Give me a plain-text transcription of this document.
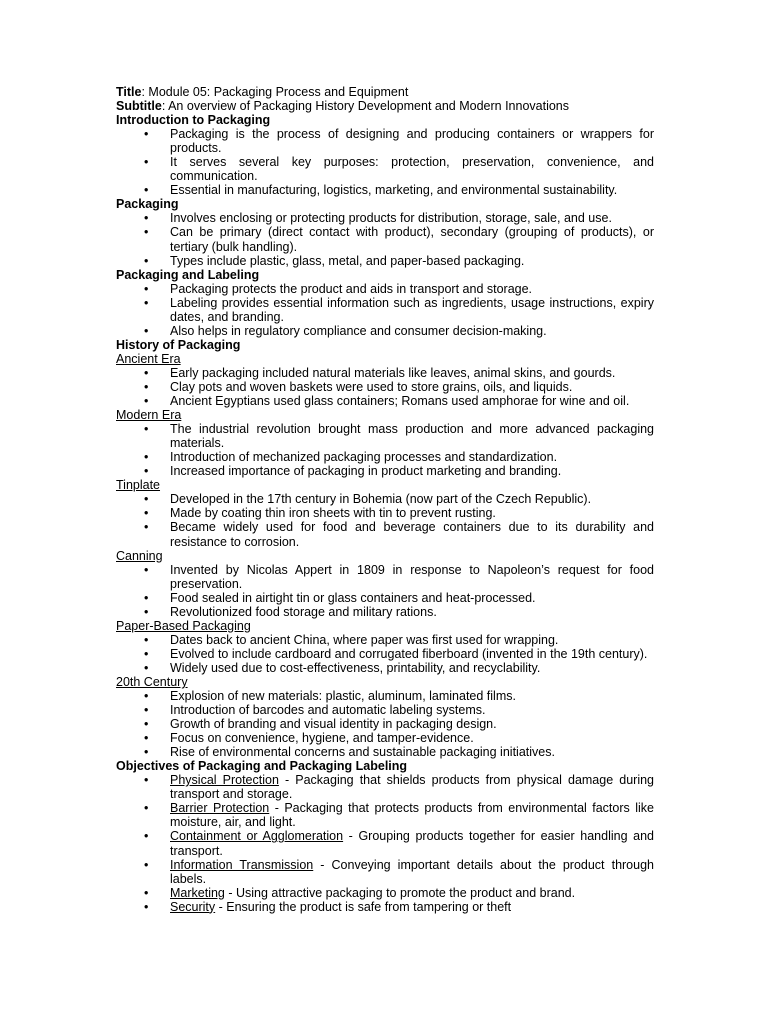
Title: Module 05: Packaging Process and Equipment

Subtitle: An overview of Packaging History Development and Modern Innovations

Introduction to Packaging

• Packaging is the process of designing and producing containers or wrappers for products.
• It serves several key purposes: protection, preservation, convenience, and communication.
• Essential in manufacturing, logistics, marketing, and environmental sustainability.

Packaging

• Involves enclosing or protecting products for distribution, storage, sale, and use.
• Can be primary (direct contact with product), secondary (grouping of products), or tertiary (bulk handling).
• Types include plastic, glass, metal, and paper-based packaging.

Packaging and Labeling

• Packaging protects the product and aids in transport and storage.
• Labeling provides essential information such as ingredients, usage instructions, expiry dates, and branding.
• Also helps in regulatory compliance and consumer decision-making.

History of Packaging

Ancient Era

• Early packaging included natural materials like leaves, animal skins, and gourds.
• Clay pots and woven baskets were used to store grains, oils, and liquids.
• Ancient Egyptians used glass containers; Romans used amphorae for wine and oil.

Modern Era

• The industrial revolution brought mass production and more advanced packaging materials.
• Introduction of mechanized packaging processes and standardization.
• Increased importance of packaging in product marketing and branding.

Tinplate

• Developed in the 17th century in Bohemia (now part of the Czech Republic).
• Made by coating thin iron sheets with tin to prevent rusting.
• Became widely used for food and beverage containers due to its durability and resistance to corrosion.

Canning

• Invented by Nicolas Appert in 1809 in response to Napoleon’s request for food preservation.
• Food sealed in airtight tin or glass containers and heat-processed.
• Revolutionized food storage and military rations.

Paper-Based Packaging

• Dates back to ancient China, where paper was first used for wrapping.
• Evolved to include cardboard and corrugated fiberboard (invented in the 19th century).
• Widely used due to cost-effectiveness, printability, and recyclability.

20th Century

• Explosion of new materials: plastic, aluminum, laminated films.
• Introduction of barcodes and automatic labeling systems.
• Growth of branding and visual identity in packaging design.
• Focus on convenience, hygiene, and tamper-evidence.
• Rise of environmental concerns and sustainable packaging initiatives.

Objectives of Packaging and Packaging Labeling

• Physical Protection - Packaging that shields products from physical damage during transport and storage.
• Barrier Protection - Packaging that protects products from environmental factors like moisture, air, and light.
• Containment or Agglomeration - Grouping products together for easier handling and transport.
• Information Transmission - Conveying important details about the product through labels.
• Marketing - Using attractive packaging to promote the product and brand.
• Security - Ensuring the product is safe from tampering or theft
